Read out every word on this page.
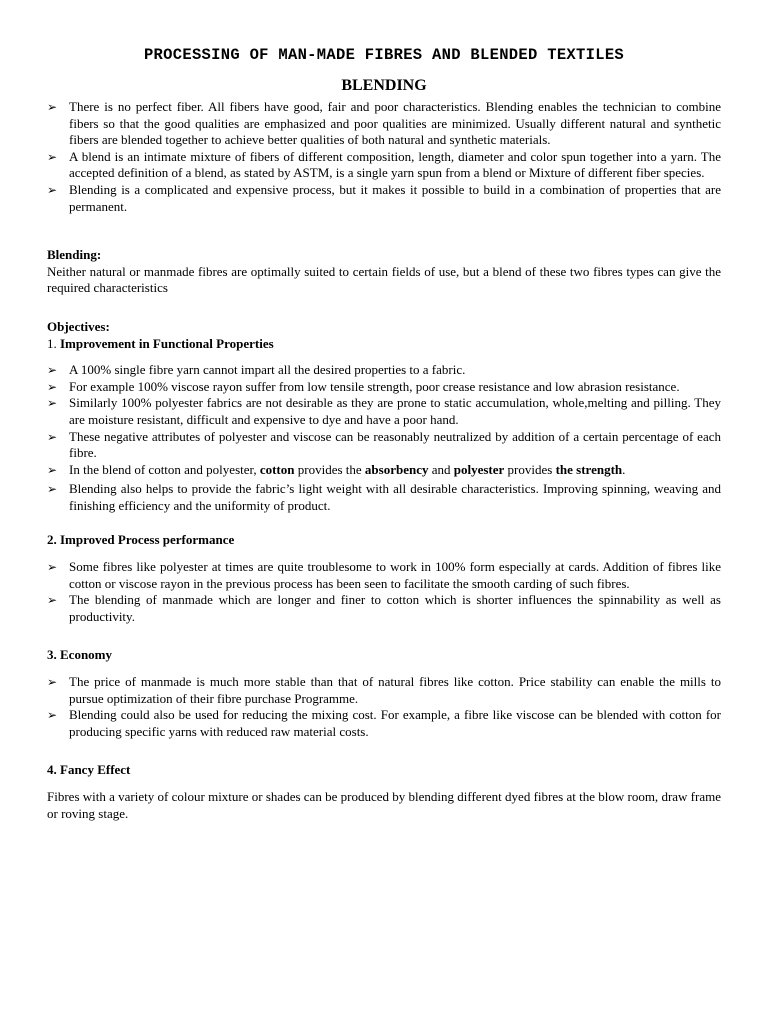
PROCESSING OF MAN-MADE FIBRES AND BLENDED TEXTILES
BLENDING
➢ There is no perfect fiber. All fibers have good, fair and poor characteristics. Blending enables the technician to combine fibers so that the good qualities are emphasized and poor qualities are minimized. Usually different natural and synthetic fibers are blended together to achieve better qualities of both natural and synthetic materials.
➢ A blend is an intimate mixture of fibers of different composition, length, diameter and color spun together into a yarn. The accepted definition of a blend, as stated by ASTM, is a single yarn spun from a blend or Mixture of different fiber species.
➢ Blending is a complicated and expensive process, but it makes it possible to build in a combination of properties that are permanent.

Blending:

Neither natural or manmade fibres are optimally suited to certain fields of use, but a blend of these two fibres types can give the required characteristics

Objectives:

1. Improvement in Functional Properties

➢ A 100% single fibre yarn cannot impart all the desired properties to a fabric.
➢ For example 100% viscose rayon suffer from low tensile strength, poor crease resistance and low abrasion resistance.
➢ Similarly 100% polyester fabrics are not desirable as they are prone to static accumulation, whole,melting and pilling. They are moisture resistant, difficult and expensive to dye and have a poor hand.
➢ These negative attributes of polyester and viscose can be reasonably neutralized by addition of a certain percentage of each fibre.
➢ In the blend of cotton and polyester, cotton provides the absorbency and polyester provides the strength.
➢ Blending also helps to provide the fabric’s light weight with all desirable characteristics. Improving spinning, weaving and finishing efficiency and the uniformity of product.

2. Improved Process performance

➢ Some fibres like polyester at times are quite troublesome to work in 100% form especially at cards. Addition of fibres like cotton or viscose rayon in the previous process has been seen to facilitate the smooth carding of such fibres.
➢ The blending of manmade which are longer and finer to cotton which is shorter influences the spinnability as well as productivity.

3. Economy

➢ The price of manmade is much more stable than that of natural fibres like cotton. Price stability can enable the mills to pursue optimization of their fibre purchase Programme.
➢ Blending could also be used for reducing the mixing cost. For example, a fibre like viscose can be blended with cotton for producing specific yarns with reduced raw material costs.

4. Fancy Effect

Fibres with a variety of colour mixture or shades can be produced by blending different dyed fibres at the blow room, draw frame or roving stage.
